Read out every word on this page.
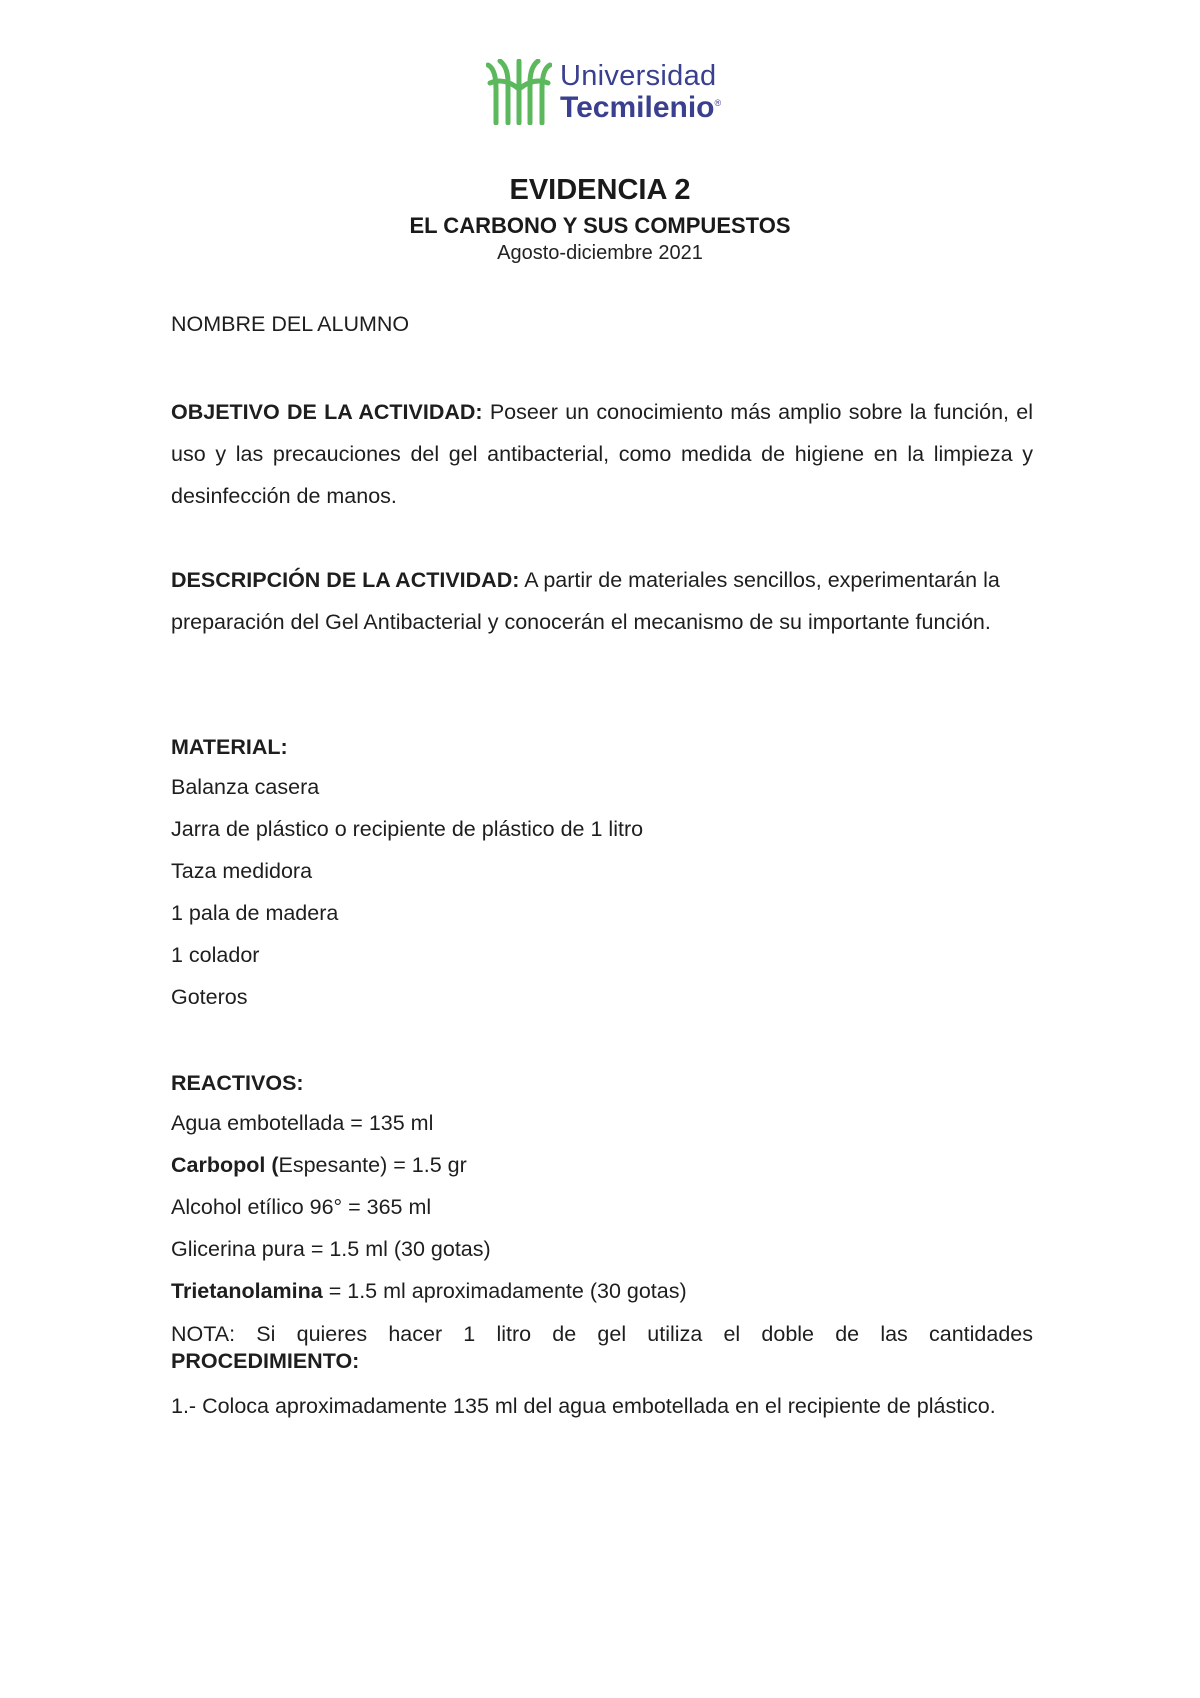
Universidad
Tecmilenio®
EVIDENCIA 2
EL CARBONO Y SUS COMPUESTOS
Agosto-diciembre 2021
NOMBRE DEL ALUMNO
OBJETIVO DE LA ACTIVIDAD: Poseer un conocimiento más amplio sobre la función, el uso y las precauciones del gel antibacterial, como medida de higiene en la limpieza y desinfección de manos.
DESCRIPCIÓN DE LA ACTIVIDAD: A partir de materiales sencillos, experimentarán la preparación del Gel Antibacterial y conocerán el mecanismo de su importante función.
MATERIAL:
Balanza casera
Jarra de plástico o recipiente de plástico de 1 litro
Taza medidora
1 pala de madera
1 colador
Goteros
REACTIVOS:
Agua embotellada = 135 ml
Carbopol (Espesante) = 1.5 gr
Alcohol etílico 96° = 365 ml
Glicerina pura = 1.5 ml (30 gotas)
Trietanolamina = 1.5 ml aproximadamente (30 gotas)
NOTA: Si quieres hacer 1 litro de gel utiliza el doble de las cantidades
PROCEDIMIENTO:
1.- Coloca aproximadamente 135 ml del agua embotellada en el recipiente de plástico.
